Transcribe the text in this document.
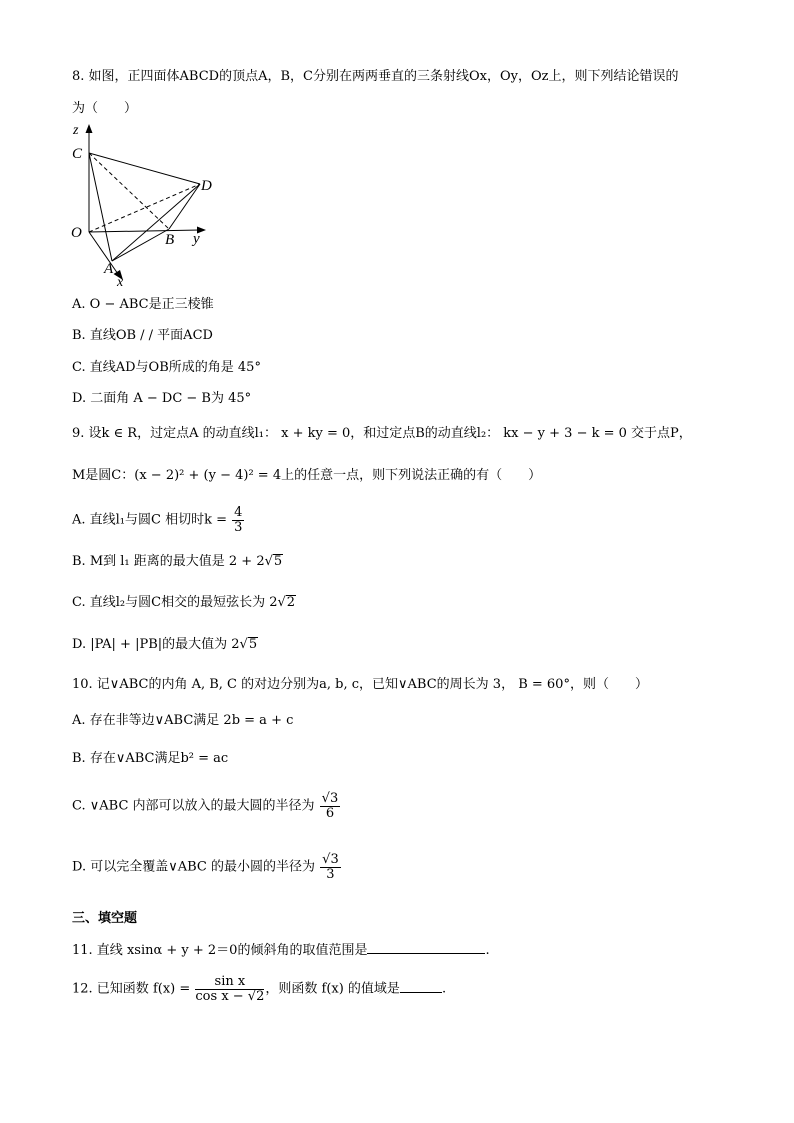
8. 如图，正四面体ABCD的顶点A，B，C分别在两两垂直的三条射线Ox，Oy，Oz上，则下列结论错误的
为（　　）
z
C
D
O	B y
A
x
A. O − ABC是正三棱锥
B. 直线OB / / 平面ACD
C. 直线AD与OB所成的角是 45°
D. 二面角 A − DC − B为 45°
9. 设k ∈ R，过定点A 的动直线l₁： x + ky = 0，和过定点B的动直线l₂： kx − y + 3 − k = 0 交于点P，
M是圆C：(x − 2)² + (y − 4)² = 4上的任意一点，则下列说法正确的有（　　）
A. 直线l₁与圆C 相切时$k = \frac{4}{3}$
B. M到 l₁ 距离的最大值是 2 + 2√5
C. 直线l₂与圆C相交的最短弦长为 2√2
D. |PA| + |PB|的最大值为 2√5
10. 记∨ABC的内角 A, B, C 的对边分别为a, b, c，已知∨ABC的周长为 3， B = 60°，则（　　）
A. 存在非等边∨ABC满足 2b = a + c
B. 存在∨ABC满足b² = ac
C. ∨ABC 内部可以放入的最大圆的半径为 $\frac{√3}{6}$
D. 可以完全覆盖∨ABC 的最小圆的半径为 $\frac{√3}{3}$
三、填空题
11. 直线 xsinα + y + 2＝0的倾斜角的取值范围是	.
12. 已知函数 $f(x) = \frac{\text{sin x}}{\text{cos x − √2}}$ ，则函数 f(x) 的值域是	.
